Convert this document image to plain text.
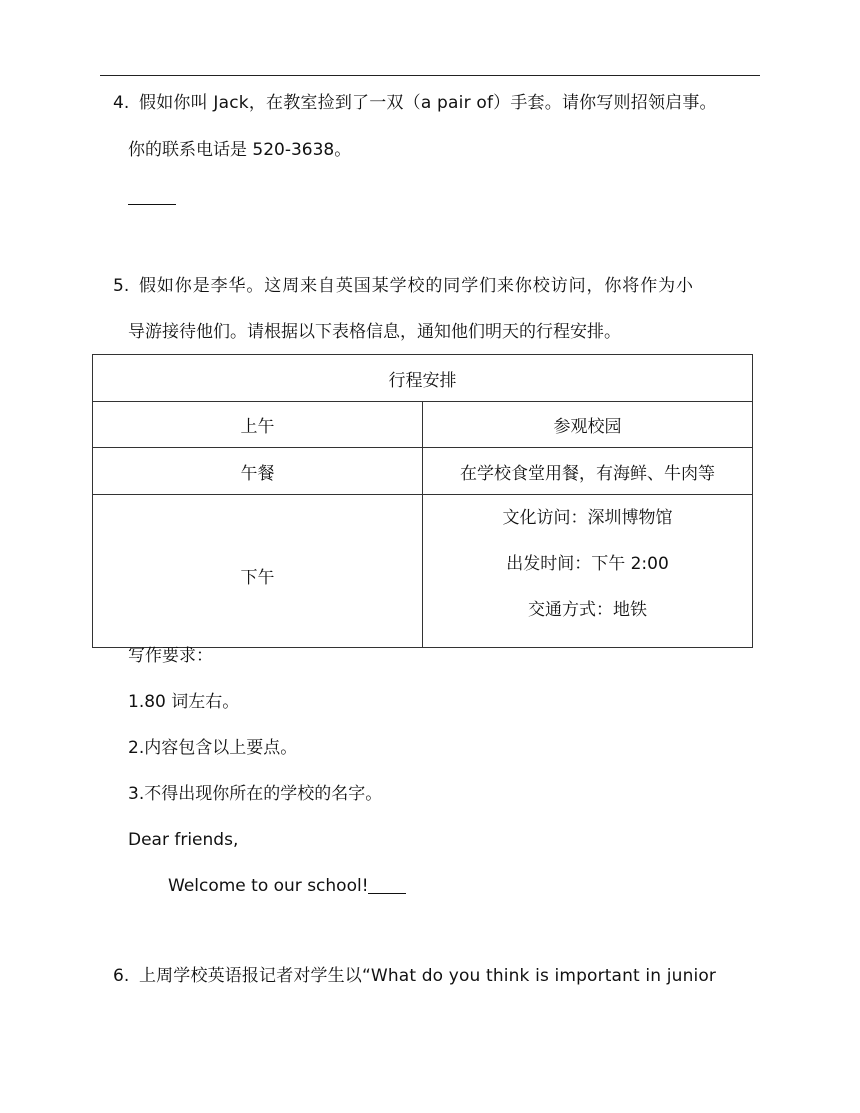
4. 假如你叫 Jack，在教室捡到了一双（a pair of）手套。请你写则招领启事。
你的联系电话是 520-3638。
5. 假如你是李华。这周来自英国某学校的同学们来你校访问，你将作为小
导游接待他们。请根据以下表格信息，通知他们明天的行程安排。
行程安排	
上午	参观校园
午餐	在学校食堂用餐，有海鲜、牛肉等
下午	文化访问：深圳博物馆
出发时间：下午 2:00
交通方式：地铁
写作要求：
1.80 词左右。
2.内容包含以上要点。
3.不得出现你所在的学校的名字。
Dear friends,
Welcome to our school!
6. 上周学校英语报记者对学生以“What do you think is important in junior
